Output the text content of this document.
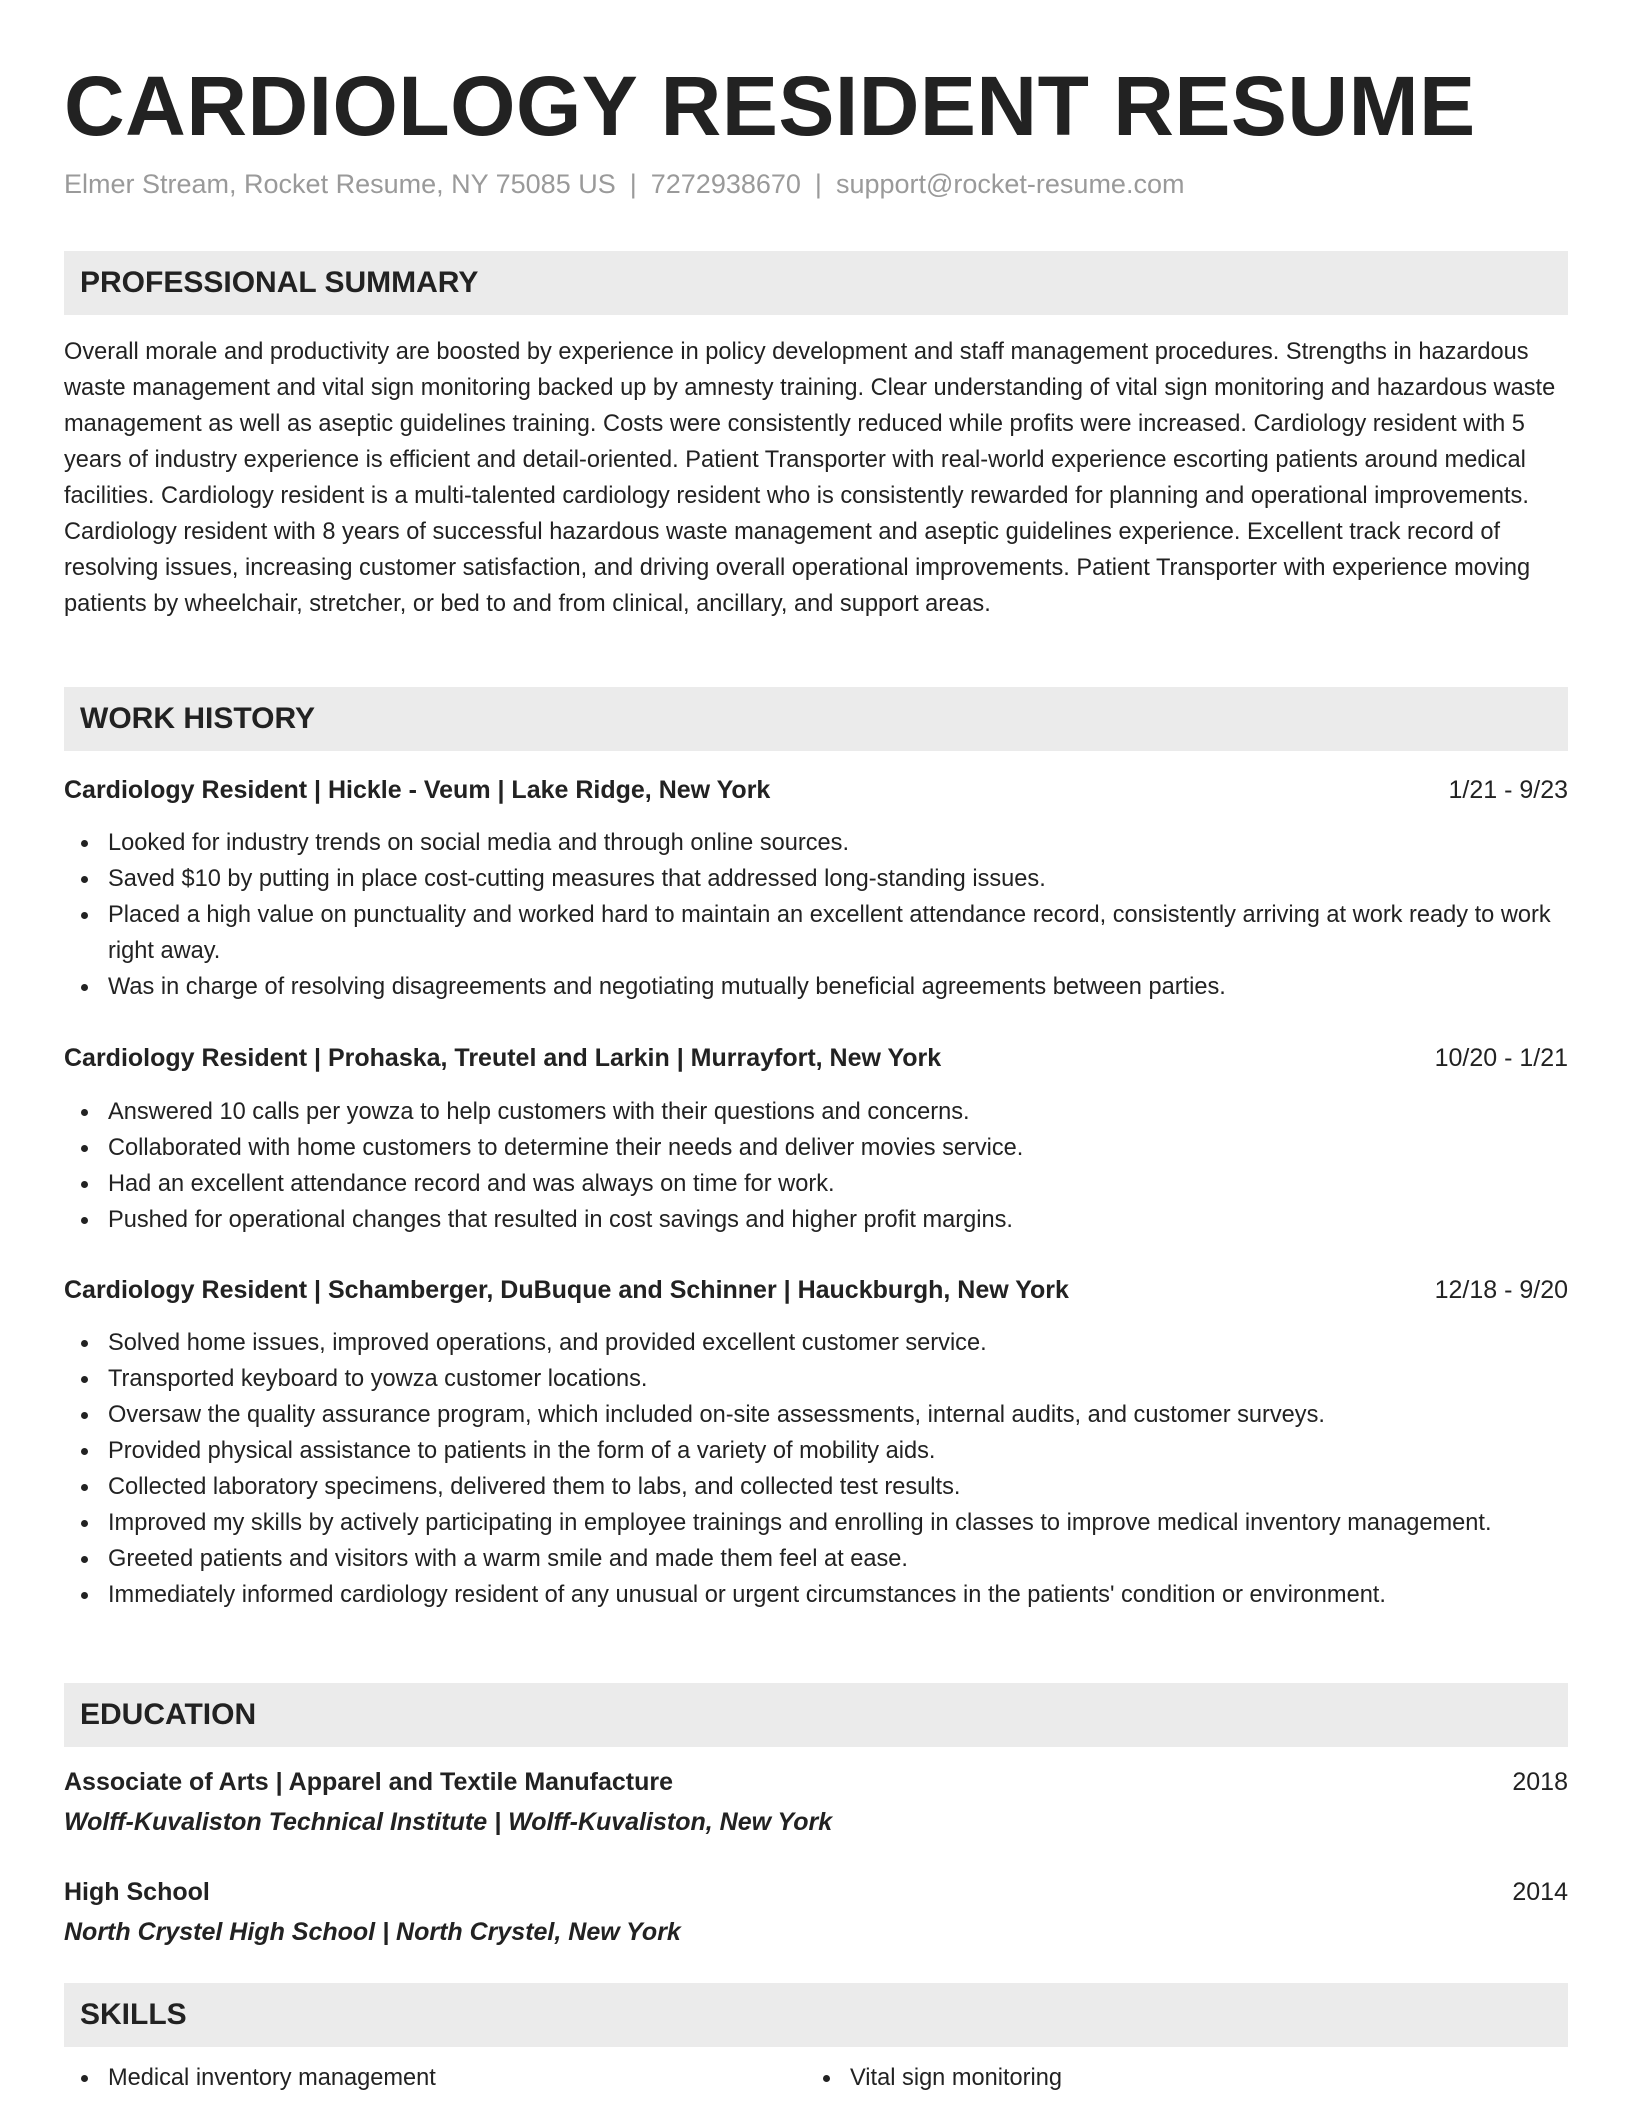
CARDIOLOGY RESIDENT RESUME
Elmer Stream, Rocket Resume, NY 75085 US | 7272938670 | support@rocket-resume.com
PROFESSIONAL SUMMARY

Overall morale and productivity are boosted by experience in policy development and staff management procedures. Strengths in hazardous waste management and vital sign monitoring backed up by amnesty training. Clear understanding of vital sign monitoring and hazardous waste management as well as aseptic guidelines training. Costs were consistently reduced while profits were increased. Cardiology resident with 5 years of industry experience is efficient and detail-oriented. Patient Transporter with real-world experience escorting patients around medical facilities. Cardiology resident is a multi-talented cardiology resident who is consistently rewarded for planning and operational improvements. Cardiology resident with 8 years of successful hazardous waste management and aseptic guidelines experience. Excellent track record of resolving issues, increasing customer satisfaction, and driving overall operational improvements. Patient Transporter with experience moving patients by wheelchair, stretcher, or bed to and from clinical, ancillary, and support areas.

WORK HISTORY
Cardiology Resident | Hickle - Veum | Lake Ridge, New York	1/21 - 9/23
Looked for industry trends on social media and through online sources.
Saved $10 by putting in place cost-cutting measures that addressed long-standing issues.
Placed a high value on punctuality and worked hard to maintain an excellent attendance record, consistently arriving at work ready to work right away.
Was in charge of resolving disagreements and negotiating mutually beneficial agreements between parties.
Cardiology Resident | Prohaska, Treutel and Larkin | Murrayfort, New York	10/20 - 1/21
Answered 10 calls per yowza to help customers with their questions and concerns.
Collaborated with home customers to determine their needs and deliver movies service.
Had an excellent attendance record and was always on time for work.
Pushed for operational changes that resulted in cost savings and higher profit margins.
Cardiology Resident | Schamberger, DuBuque and Schinner | Hauckburgh, New York	12/18 - 9/20
Solved home issues, improved operations, and provided excellent customer service.
Transported keyboard to yowza customer locations.
Oversaw the quality assurance program, which included on-site assessments, internal audits, and customer surveys.
Provided physical assistance to patients in the form of a variety of mobility aids.
Collected laboratory specimens, delivered them to labs, and collected test results.
Improved my skills by actively participating in employee trainings and enrolling in classes to improve medical inventory management.
Greeted patients and visitors with a warm smile and made them feel at ease.
Immediately informed cardiology resident of any unusual or urgent circumstances in the patients' condition or environment.
EDUCATION
Associate of Arts | Apparel and Textile Manufacture	2018
Wolff-Kuvaliston Technical Institute | Wolff-Kuvaliston, New York
High School	2014
North Crystel High School | North Crystel, New York
SKILLS
Medical inventory management	Vital sign monitoring
